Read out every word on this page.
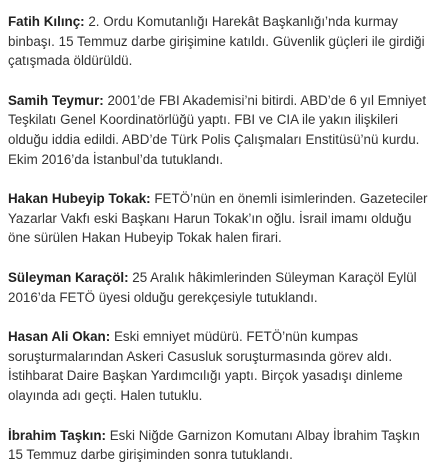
Fatih Kılınç: 2. Ordu Komutanlığı Harekât Başkanlığı’nda kurmay binbaşı. 15 Temmuz darbe girişimine katıldı. Güvenlik güçleri ile girdiği çatışmada öldürüldü.

Samih Teymur: 2001’de FBI Akademisi’ni bitirdi. ABD’de 6 yıl Emniyet Teşkilatı Genel Koordinatörlüğü yaptı. FBI ve CIA ile yakın ilişkileri olduğu iddia edildi. ABD’de Türk Polis Çalışmaları Enstitüsü’nü kurdu. Ekim 2016’da İstanbul’da tutuklandı.

Hakan Hubeyip Tokak: FETÖ’nün en önemli isimlerinden. Gazeteciler Yazarlar Vakfı eski Başkanı Harun Tokak’ın oğlu. İsrail imamı olduğu öne sürülen Hakan Hubeyip Tokak halen firari.

Süleyman Karaçöl: 25 Aralık hâkimlerinden Süleyman Karaçöl Eylül 2016’da FETÖ üyesi olduğu gerekçesiyle tutuklandı.

Hasan Ali Okan: Eski emniyet müdürü. FETÖ’nün kumpas soruşturmalarından Askeri Casusluk soruşturmasında görev aldı. İstihbarat Daire Başkan Yardımcılığı yaptı. Birçok yasadışı dinleme olayında adı geçti. Halen tutuklu.

İbrahim Taşkın: Eski Niğde Garnizon Komutanı Albay İbrahim Taşkın 15 Temmuz darbe girişiminden sonra tutuklandı.
